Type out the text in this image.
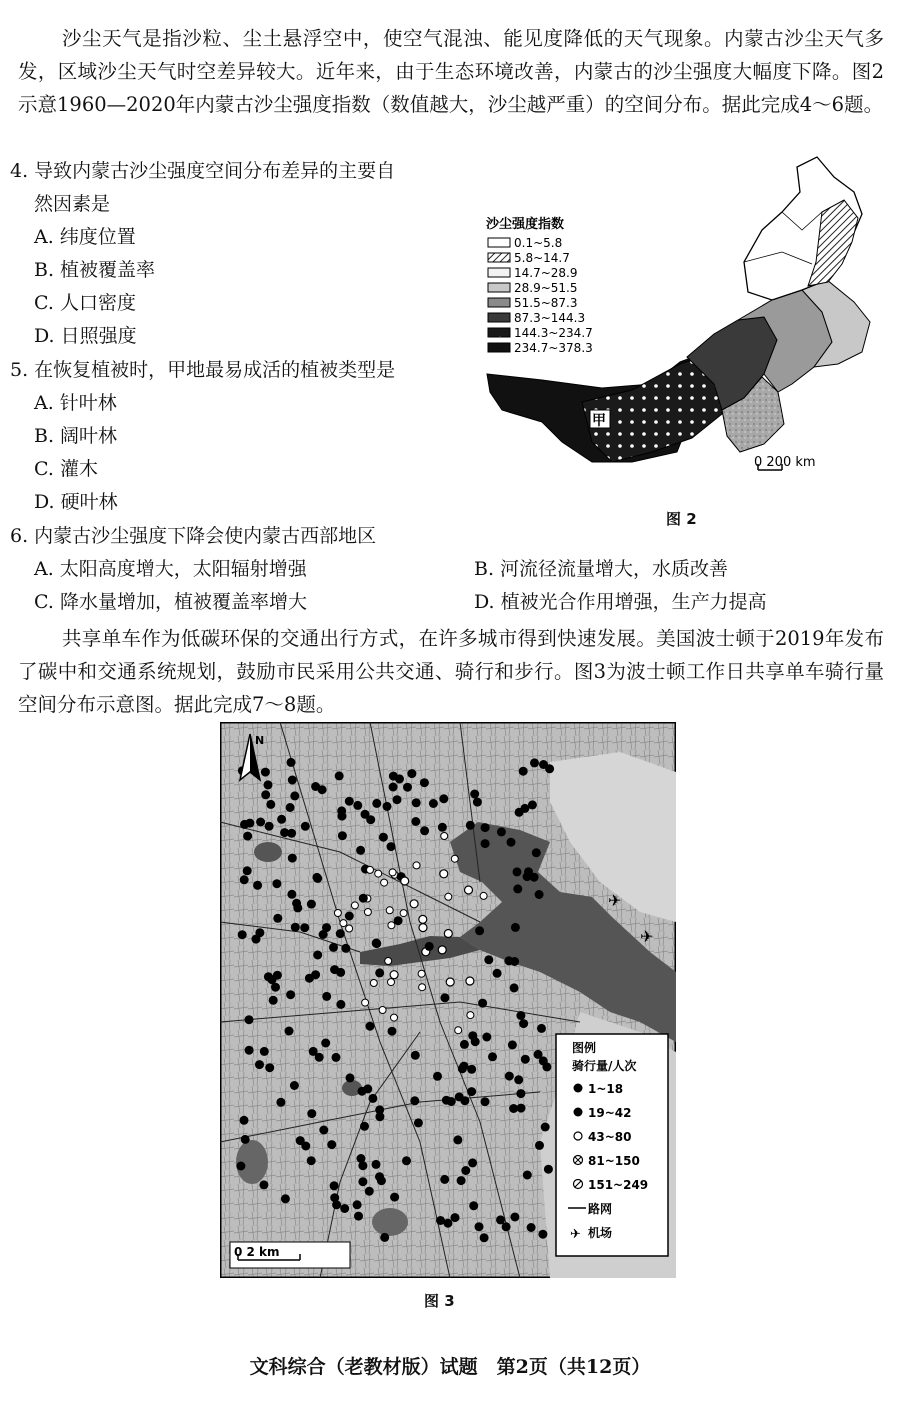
沙尘天气是指沙粒、尘土悬浮空中，使空气混浊、能见度降低的天气现象。内蒙古沙尘天气多发，区域沙尘天气时空差异较大。近年来，由于生态环境改善，内蒙古的沙尘强度大幅度下降。图2示意1960—2020年内蒙古沙尘强度指数（数值越大，沙尘越严重）的空间分布。据此完成4～6题。
4. 导致内蒙古沙尘强度空间分布差异的主要自
然因素是
A. 纬度位置
B. 植被覆盖率
C. 人口密度
D. 日照强度
5. 在恢复植被时，甲地最易成活的植被类型是
A. 针叶林
B. 阔叶林
C. 灌木
D. 硬叶林
沙尘强度指数
0.1~5.8
5.8~14.7
14.7~28.9
28.9~51.5
51.5~87.3
87.3~144.3
144.3~234.7
234.7~378.3
甲
0 200 km
图 2
6. 内蒙古沙尘强度下降会使内蒙古西部地区
A. 太阳高度增大，太阳辐射增强	B. 河流径流量增大，水质改善
C. 降水量增加，植被覆盖率增大	D. 植被光合作用增强，生产力提高
共享单车作为低碳环保的交通出行方式，在许多城市得到快速发展。美国波士顿于2019年发布了碳中和交通系统规划，鼓励市民采用公共交通、骑行和步行。图3为波士顿工作日共享单车骑行量空间分布示意图。据此完成7～8题。
N
✈
✈
图例
骑行量/人次
1~18
19~42
43~80
81~150
151~249
路网
✈ 机场
0 2 km
图 3
文科综合（老教材版）试题　第2页（共12页）
